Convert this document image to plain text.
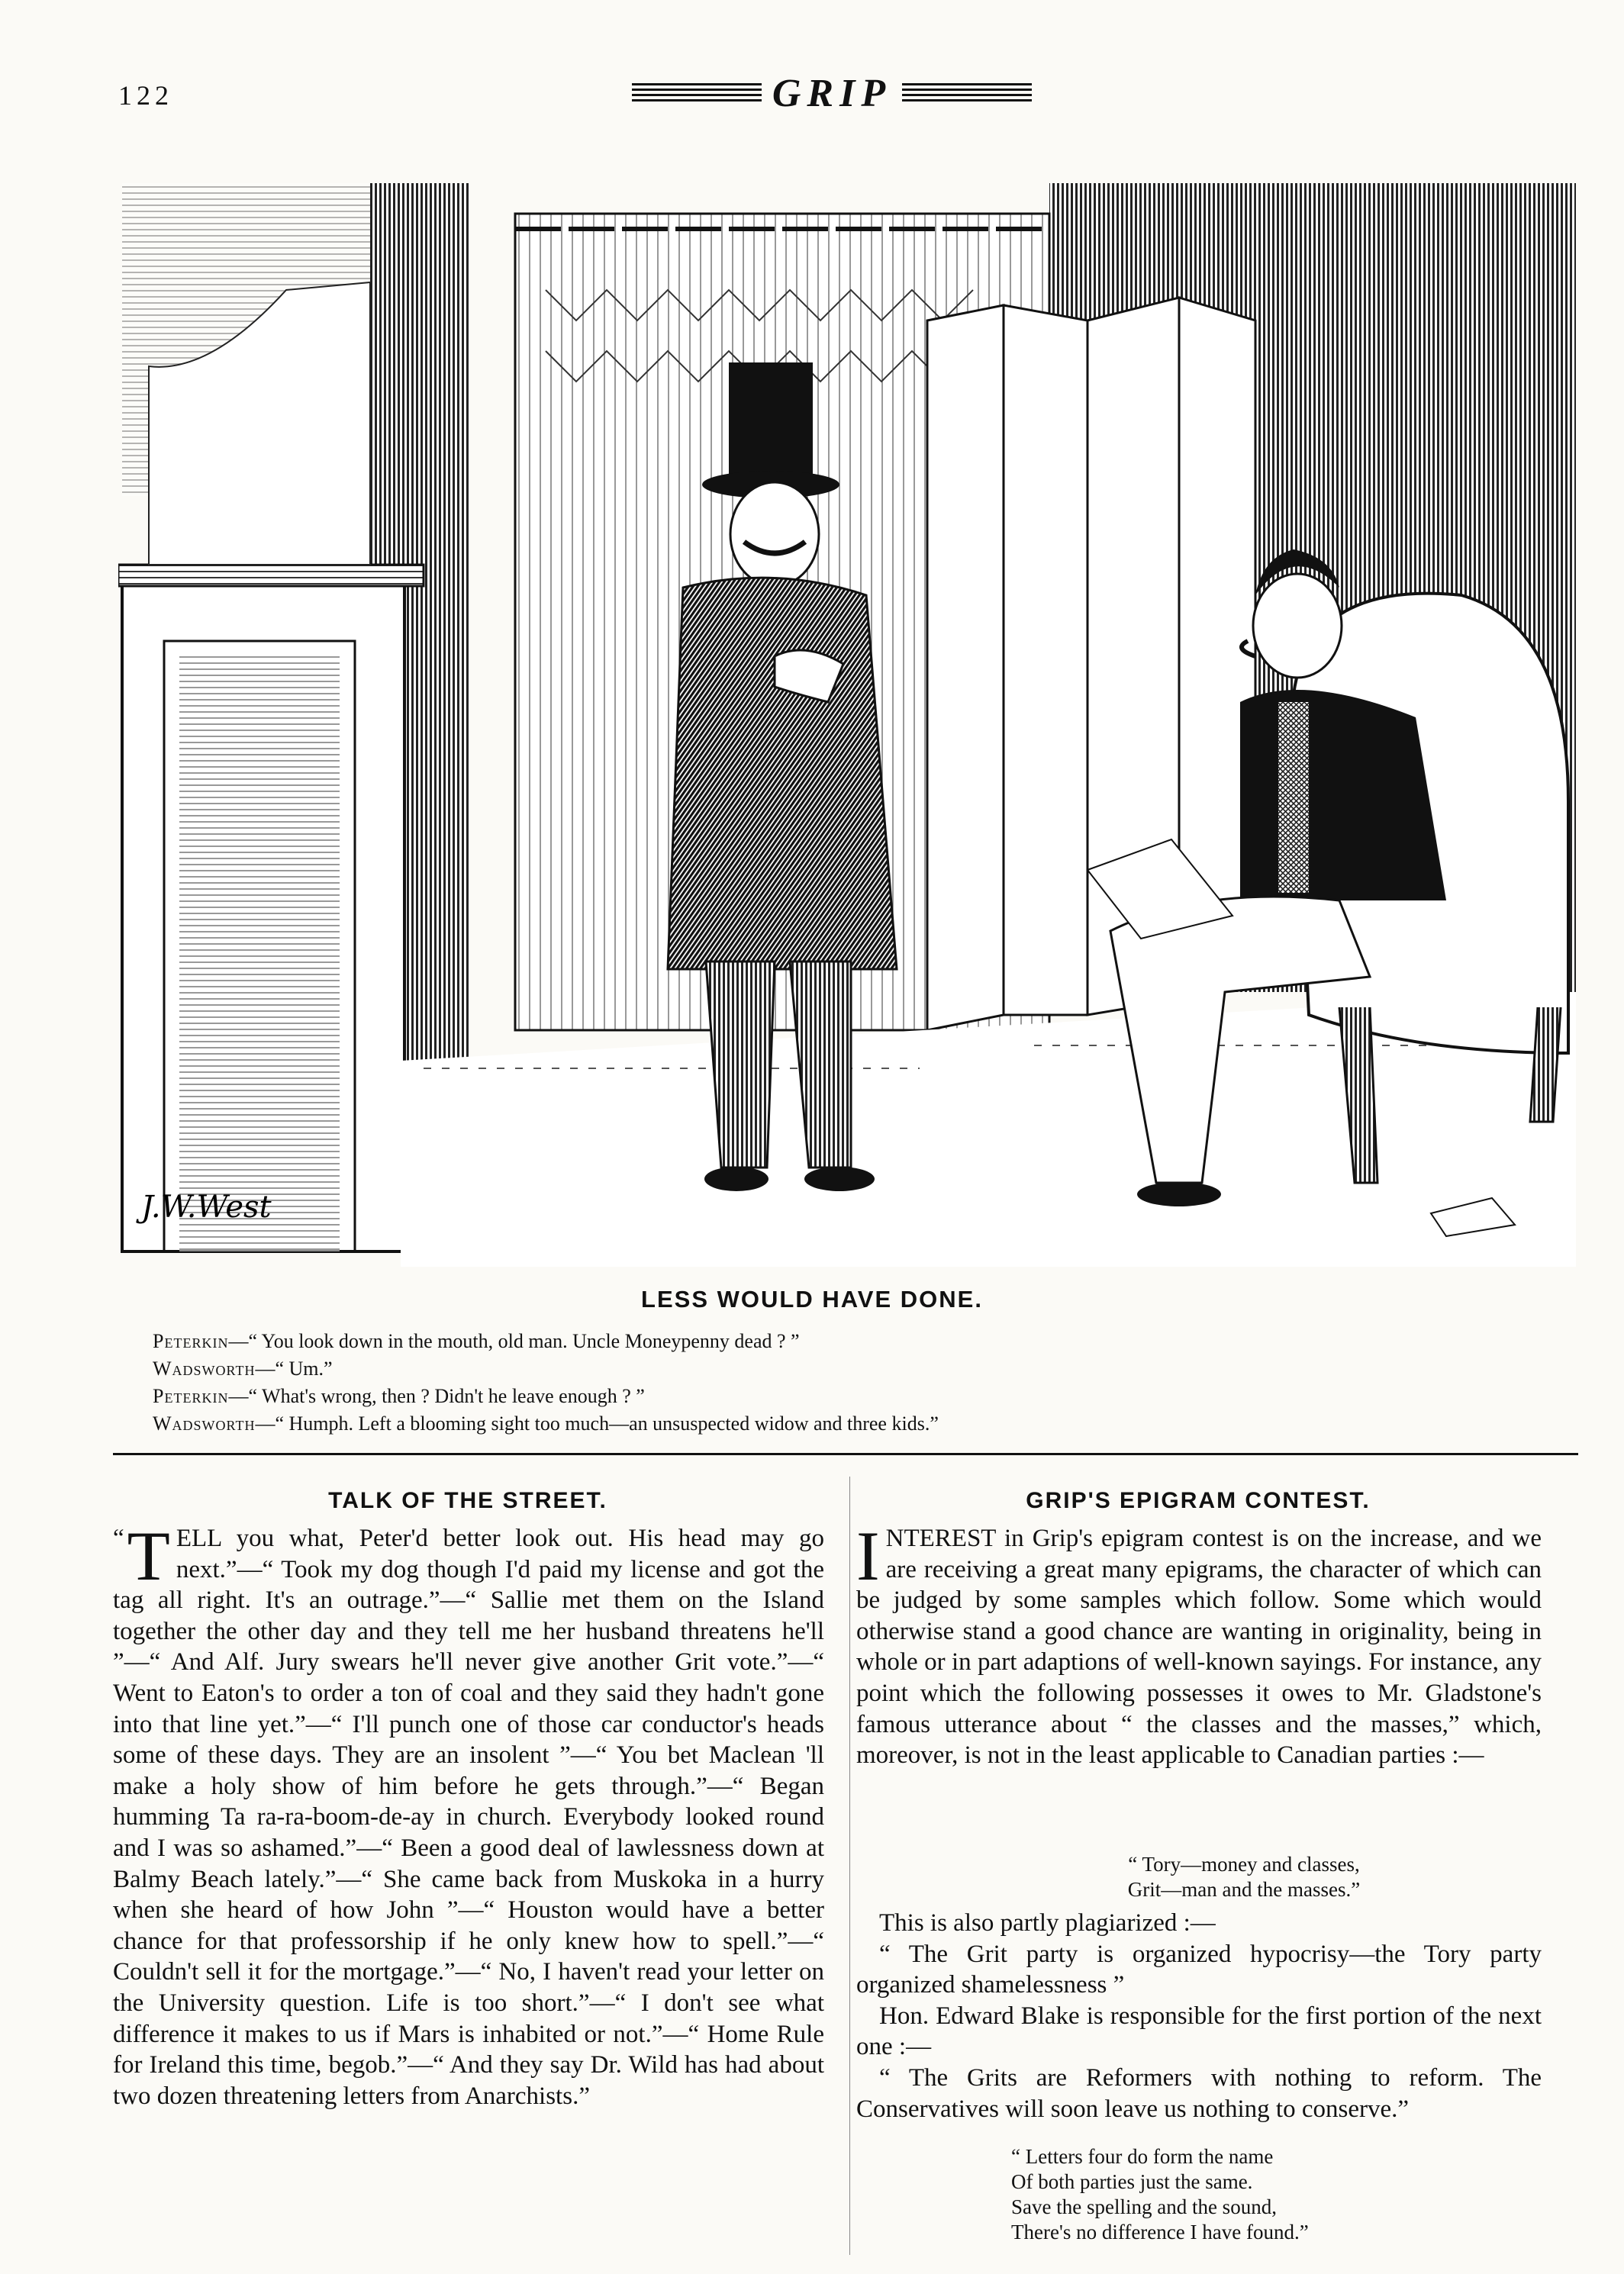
122	GRIP
J.W.West
LESS WOULD HAVE DONE.
Peterkin—“ You look down in the mouth, old man. Uncle Moneypenny dead ? ”
Wadsworth—“ Um.”
Peterkin—“ What's wrong, then ? Didn't he leave enough ? ”
Wadsworth—“ Humph. Left a blooming sight too much—an unsuspected widow and three kids.”
TALK OF THE STREET.

“ T ELL you what, Peter'd better look out. His head may go next.”—“ Took my dog though I'd paid my license and got the tag all right. It's an outrage.”—“ Sallie met them on the Island together the other day and they tell me her husband threatens he'll ”—“ And Alf. Jury swears he'll never give another Grit vote.”—“ Went to Eaton's to order a ton of coal and they said they hadn't gone into that line yet.”—“ I'll punch one of those car conductor's heads some of these days. They are an insolent ”—“ You bet Maclean 'll make a holy show of him before he gets through.”—“ Began humming Ta ra-ra-boom-de-ay in church. Everybody looked round and I was so ashamed.”—“ Been a good deal of lawlessness down at Balmy Beach lately.”—“ She came back from Muskoka in a hurry when she heard of how John ”—“ Houston would have a better chance for that professorship if he only knew how to spell.”—“ Couldn't sell it for the mortgage.”—“ No, I haven't read your letter on the University question. Life is too short.”—“ I don't see what difference it makes to us if Mars is inhabited or not.”—“ Home Rule for Ireland this time, begob.”—“ And they say Dr. Wild has had about two dozen threatening letters from Anarchists.”

GRIP'S EPIGRAM CONTEST.

INTEREST in Grip's epigram contest is on the increase, and we are receiving a great many epigrams, the character of which can be judged by some samples which follow. Some which would otherwise stand a good chance are wanting in originality, being in whole or in part adaptions of well-known sayings. For instance, any point which the following possesses it owes to Mr. Gladstone's famous utterance about “ the classes and the masses,” which, moreover, is not in the least applicable to Canadian parties :—

“ Tory—money and classes,
Grit—man and the masses.”

This is also partly plagiarized :—

“ The Grit party is organized hypocrisy—the Tory party organized shamelessness ”

Hon. Edward Blake is responsible for the first portion of the next one :—

“ The Grits are Reformers with nothing to reform. The Conservatives will soon leave us nothing to conserve.”

“ Letters four do form the name
Of both parties just the same.
Save the spelling and the sound,
There's no difference I have found.”
